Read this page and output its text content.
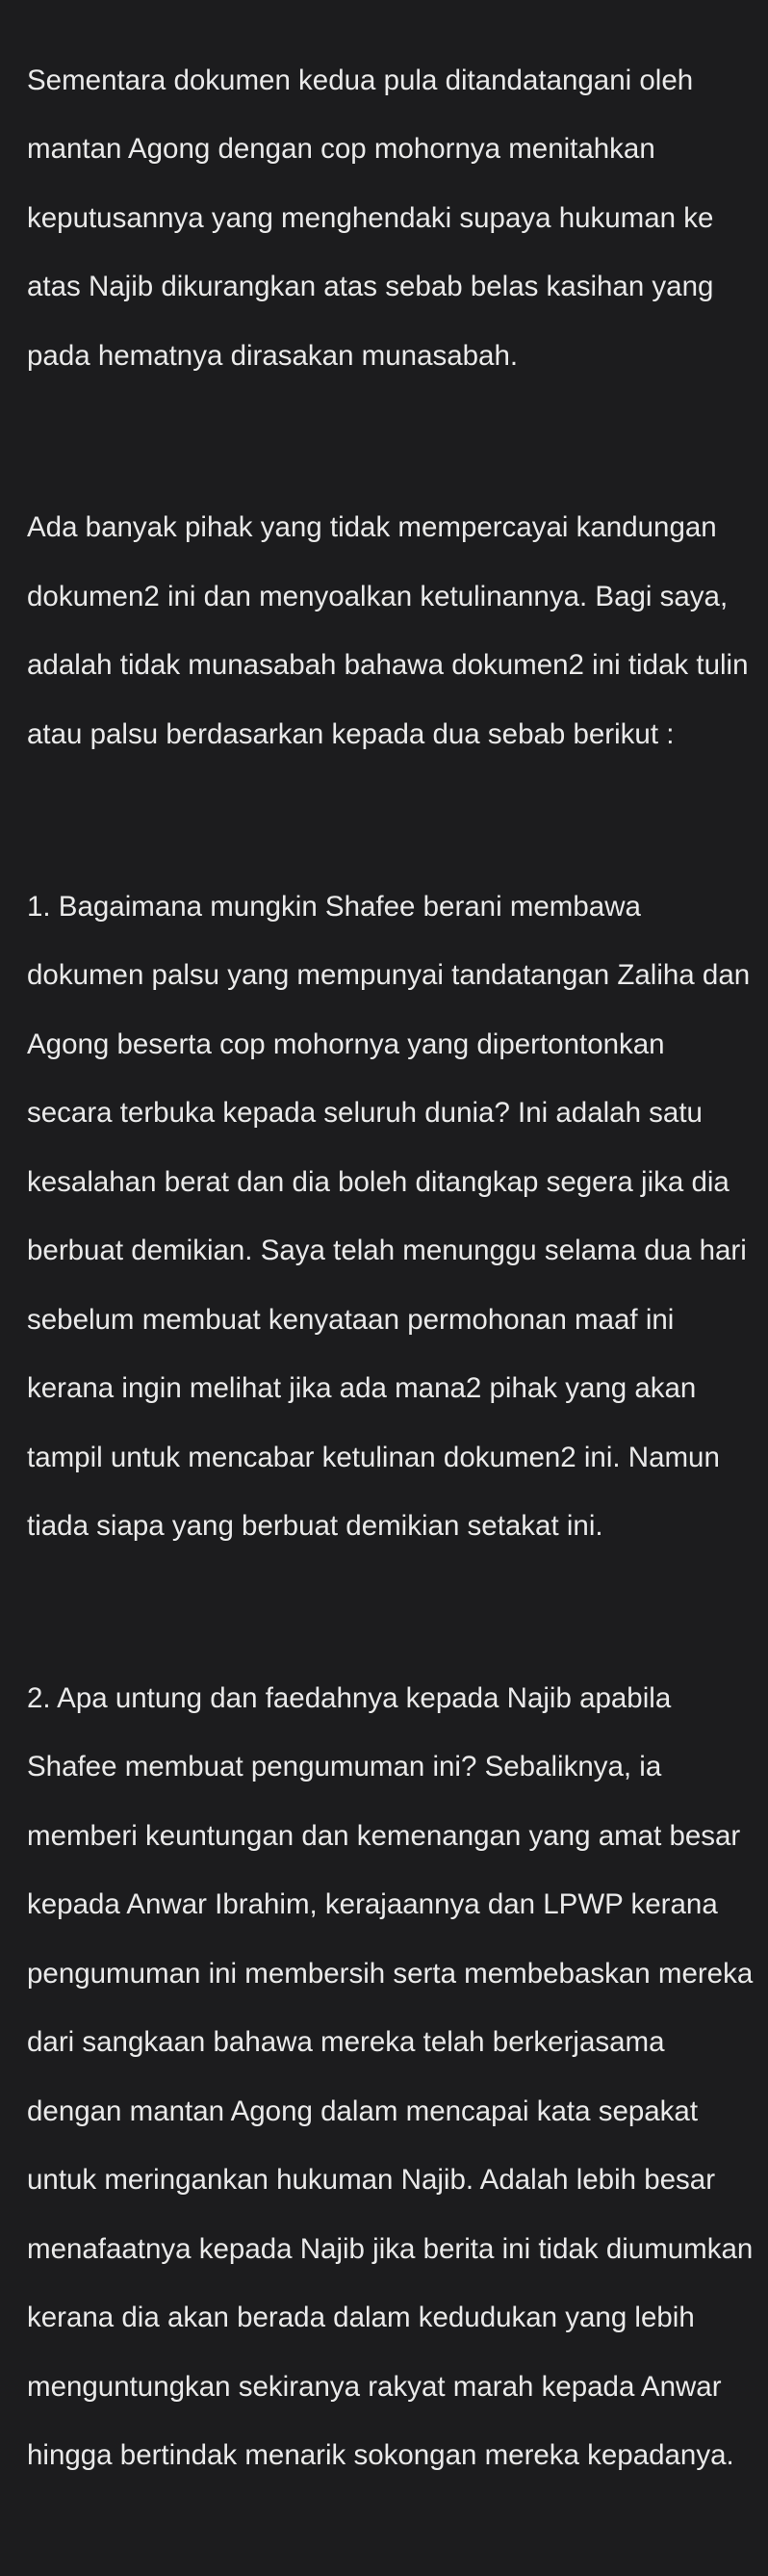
Sementara dokumen kedua pula ditandatangani oleh

mantan Agong dengan cop mohornya menitahkan

keputusannya yang menghendaki supaya hukuman ke

atas Najib dikurangkan atas sebab belas kasihan yang

pada hematnya dirasakan munasabah.

Ada banyak pihak yang tidak mempercayai kandungan

dokumen2 ini dan menyoalkan ketulinannya. Bagi saya,

adalah tidak munasabah bahawa dokumen2 ini tidak tulin

atau palsu berdasarkan kepada dua sebab berikut :

1. Bagaimana mungkin Shafee berani membawa

dokumen palsu yang mempunyai tandatangan Zaliha dan

Agong beserta cop mohornya yang dipertontonkan

secara terbuka kepada seluruh dunia? Ini adalah satu

kesalahan berat dan dia boleh ditangkap segera jika dia

berbuat demikian. Saya telah menunggu selama dua hari

sebelum membuat kenyataan permohonan maaf ini

kerana ingin melihat jika ada mana2 pihak yang akan

tampil untuk mencabar ketulinan dokumen2 ini. Namun

tiada siapa yang berbuat demikian setakat ini.

2. Apa untung dan faedahnya kepada Najib apabila

Shafee membuat pengumuman ini? Sebaliknya, ia

memberi keuntungan dan kemenangan yang amat besar

kepada Anwar Ibrahim, kerajaannya dan LPWP kerana

pengumuman ini membersih serta membebaskan mereka

dari sangkaan bahawa mereka telah berkerjasama

dengan mantan Agong dalam mencapai kata sepakat

untuk meringankan hukuman Najib. Adalah lebih besar

menafaatnya kepada Najib jika berita ini tidak diumumkan

kerana dia akan berada dalam kedudukan yang lebih

menguntungkan sekiranya rakyat marah kepada Anwar

hingga bertindak menarik sokongan mereka kepadanya.
